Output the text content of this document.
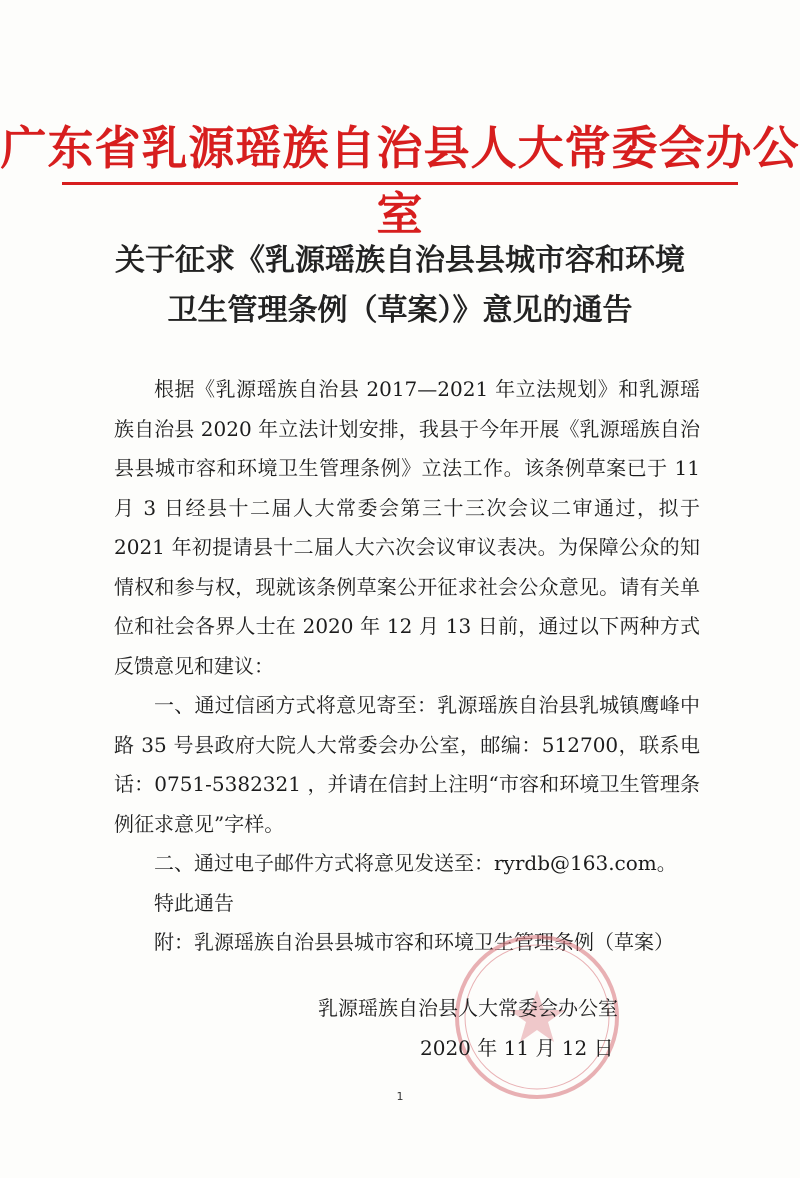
广东省乳源瑶族自治县人大常委会办公室
关于征求《乳源瑶族自治县县城市容和环境
卫生管理条例（草案）》意见的通告

根据《乳源瑶族自治县 2017—2021 年立法规划》和乳源瑶族自治县 2020 年立法计划安排，我县于今年开展《乳源瑶族自治县县城市容和环境卫生管理条例》立法工作。该条例草案已于 11 月 3 日经县十二届人大常委会第三十三次会议二审通过，拟于 2021 年初提请县十二届人大六次会议审议表决。为保障公众的知情权和参与权，现就该条例草案公开征求社会公众意见。请有关单位和社会各界人士在 2020 年 12 月 13 日前，通过以下两种方式反馈意见和建议：

一、通过信函方式将意见寄至：乳源瑶族自治县乳城镇鹰峰中路 35 号县政府大院人大常委会办公室，邮编：512700，联系电话：0751-5382321 ，并请在信封上注明“市容和环境卫生管理条例征求意见”字样。

二、通过电子邮件方式将意见发送至：ryrdb@163.com。

特此通告

附：乳源瑶族自治县县城市容和环境卫生管理条例（草案）

乳源瑶族自治县人大常委会办公室
2020 年 11 月 12 日
1
